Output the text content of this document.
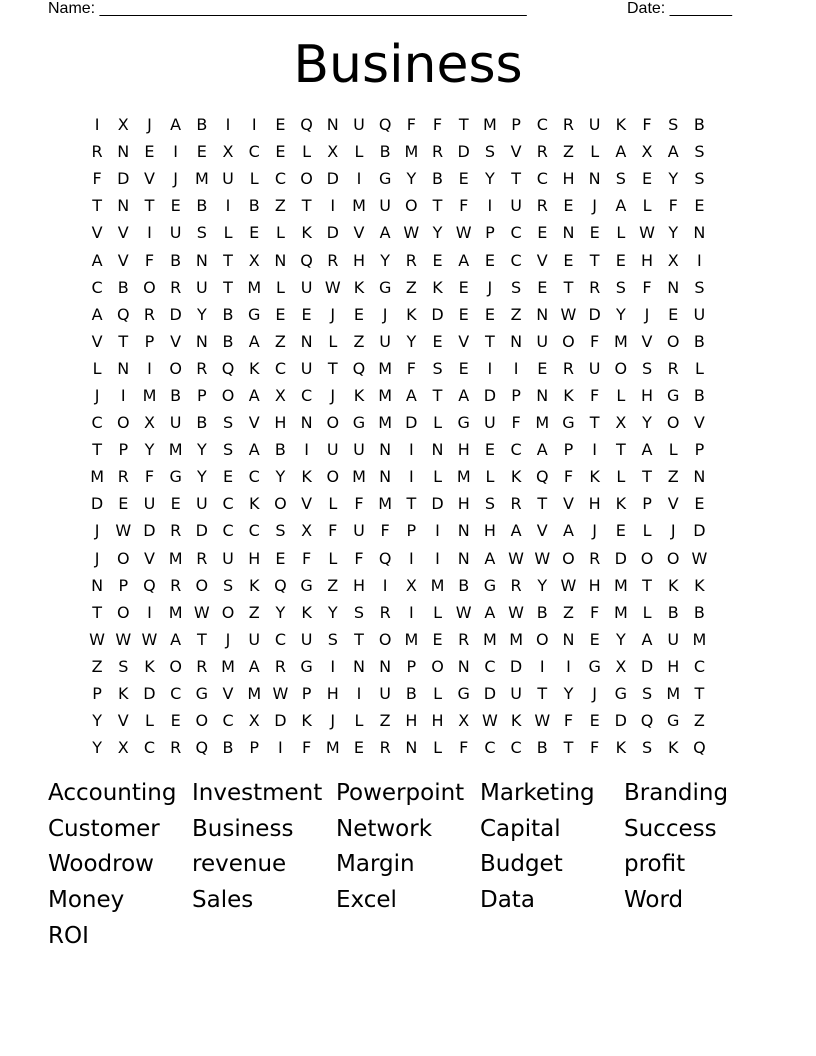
Name: ________________________________________________	Date: _______
Business
I	X	J	A B	I	I	E Q N U Q F	F	T M P C R U K	F	S B
R N E	I	E X C E	L	X	L	B M R D S V R Z	L	A X A S
F D V	J	M U L	C O D	I	G Y B E	Y	T C H N S	E	Y	S
T N T	E B	I	B Z T	I	M U O T	F	I	U R E	J	A	L	F	E
V V	I	U S	L	E	L	K D V A W Y W P C E N E	L W Y N
A V	F	B N T X N Q R H Y R E A E C V E	T	E H X	I
C B O R U T M L U W K G Z K E	J	S	E	T R S	F N S
A Q R D Y B G E	E	J	E	J	K D E	E Z N W D Y	J	E U
V T	P V N B A Z N L	Z U Y	E V T N U O F M V O B
L N	I	O R Q K C U T Q M F	S	E	I	I	E R U O S R	L
J	I	M B P O A X C	J	K M A T A D P N K	F	L H G B
C O X U B S V H N O G M D L G U F M G T X Y O V
T	P	Y M Y	S A B	I	U U N	I	N H E C A P	I	T A	L	P
M R	F G Y	E C Y	K O M N	I	L M L	K Q F	K	L	T Z N
D E U E U C K O V	L	F M T D H S R T V H K	P V E
J W D R D C C S X	F U F	P	I	N H A V A	J	E	L	J	D
J	O V M R U H E	F	L	F Q	I	I	N A W W O R D O O W
N P Q R O S K Q G Z H	I	X M B G R Y W H M T	K K
T O	I	M W O Z Y	K	Y	S R	I	L W A W B Z	F M L	B B
W W W A T	J	U C U S	T O M E R M M O N E	Y A U M
Z S K O R M A R G	I	N N P O N C D	I	I	G X D H C
P	K D C G V M W P H	I	U B	L G D U T	Y	J	G S M T
Y V	L	E O C X D K	J	L	Z H H X W K W F	E D Q G Z
Y X C R Q B P	I	F M E R N L	F	C C B T	F	K S K Q
Accounting Investment Powerpoint Marketing	Branding
Customer	Business	Network	Capital	Success
Woodrow	revenue	Margin	Budget	profit
Money	Sales	Excel	Data	Word
ROI
